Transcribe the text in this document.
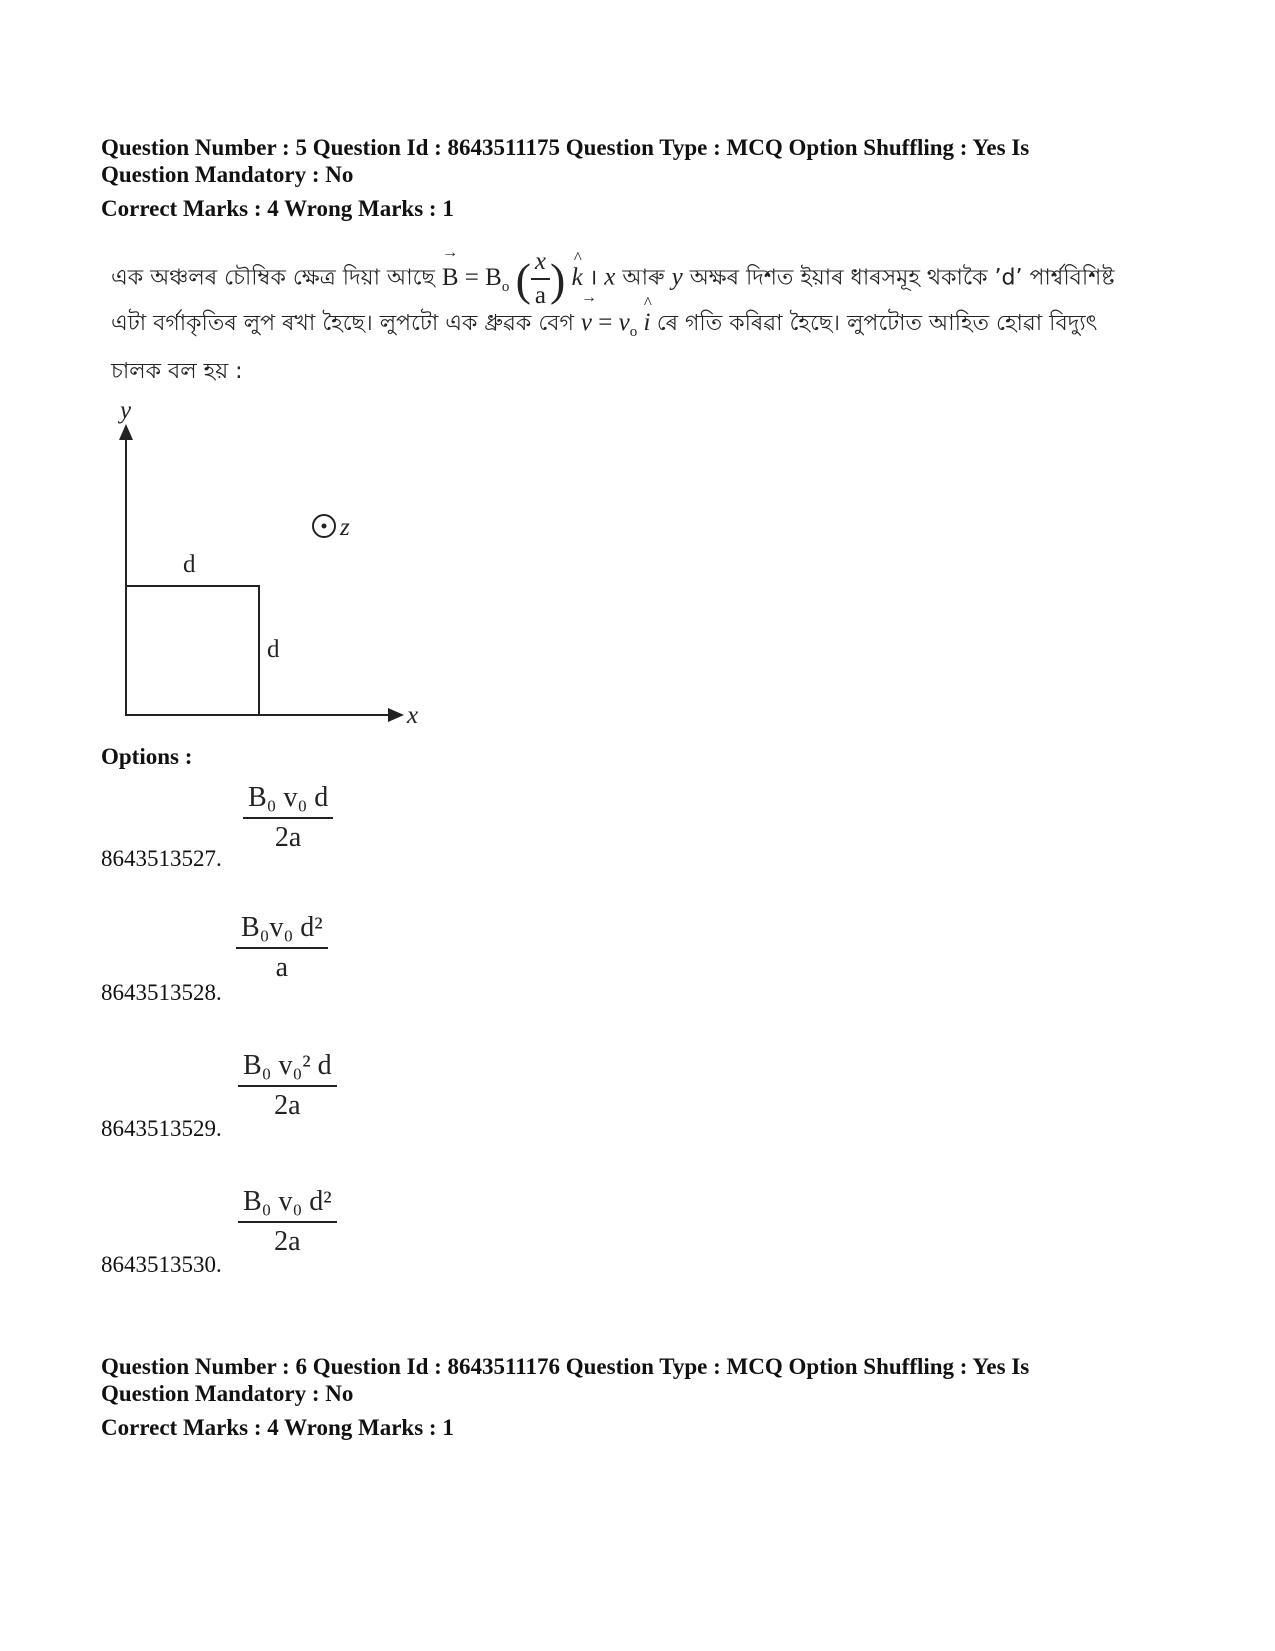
Question Number : 5 Question Id : 8643511175 Question Type : MCQ Option Shuffling : Yes Is
Question Mandatory : No
Correct Marks : 4 Wrong Marks : 1
এক অঞ্চলৰ চৌম্বিক ক্ষেত্ৰ দিয়া আছে → $B = B_o$ ( $\frac{x}{a}$ ) ^ k । x আৰু y অক্ষৰ দিশত ইয়াৰ ধাৰসমূহ থকাকৈ ’d’ পাৰ্শ্ববিশিষ্ট
এটা বৰ্গাকৃতিৰ লুপ ৰখা হৈছে। লুপটো এক ধ্ৰুৱক বেগ → $v = v_o$ ^ i ৰে গতি কৰিৱা হৈছে। লুপটোত আহিত হোৱা বিদ্যুৎ
চালক বল হয় :
z
y
x
d
d
Options :
$\frac{\text{B₀ v₀ d}}{2a}$
8643513527.
$\frac{\text{B₀v₀ d²}}{a}$
8643513528.
$\frac{\text{B₀ v₀² d}}{2a}$
8643513529.
$\frac{\text{B₀ v₀ d²}}{2a}$
8643513530.
Question Number : 6 Question Id : 8643511176 Question Type : MCQ Option Shuffling : Yes Is
Question Mandatory : No
Correct Marks : 4 Wrong Marks : 1
